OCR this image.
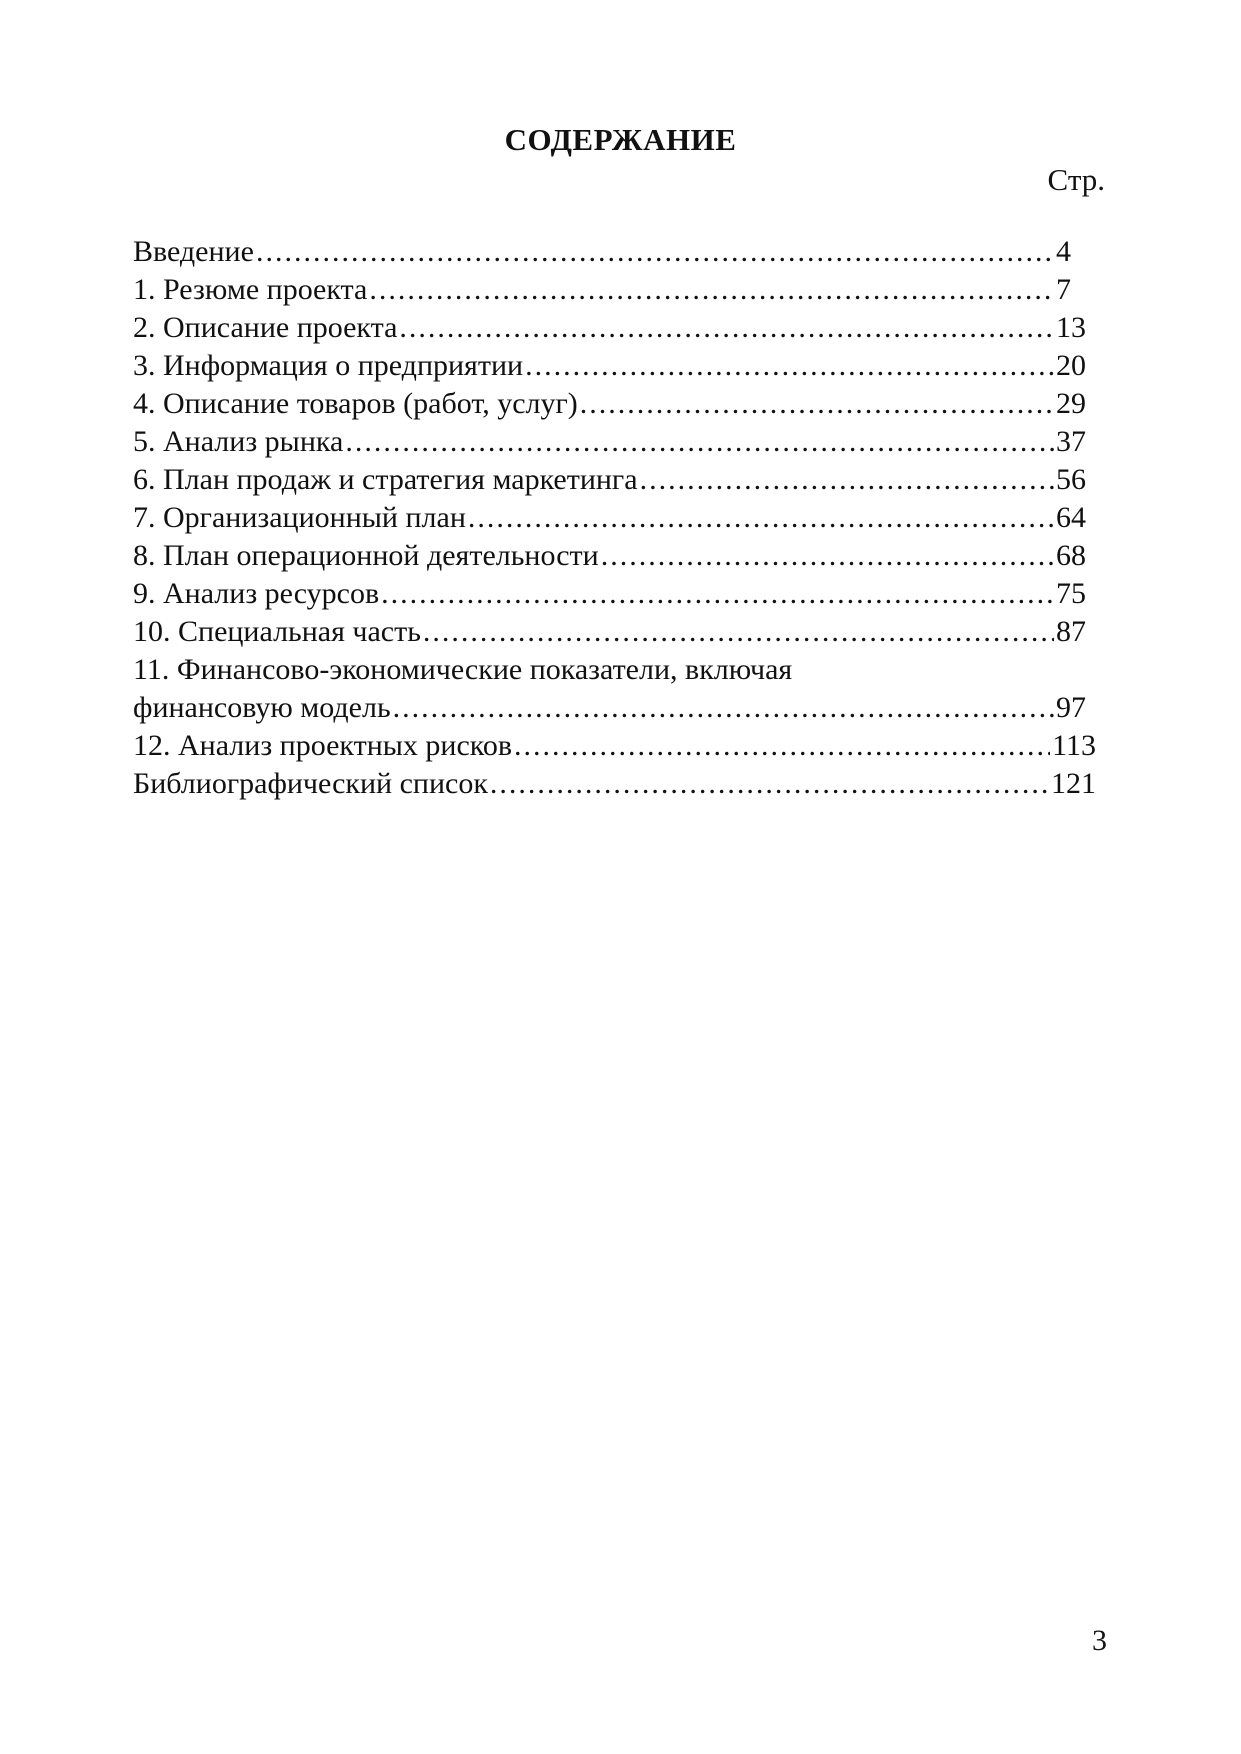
СОДЕРЖАНИЕ
Стр.
Введение .....	4
1. Резюме проекта .....	7
2. Описание проекта .....	13
3. Информация о предприятии .....	20
4. Описание товаров (работ, услуг) .....	29
5. Анализ рынка .....	37
6. План продаж и стратегия маркетинга .....	56
7. Организационный план .....	64
8. План операционной деятельности .....	68
9. Анализ ресурсов .....	75
10. Специальная часть .....	87
11. Финансово-экономические показатели, включая
финансовую модель .....	97
12. Анализ проектных рисков .....	113
Библиографический список .....	121
3
